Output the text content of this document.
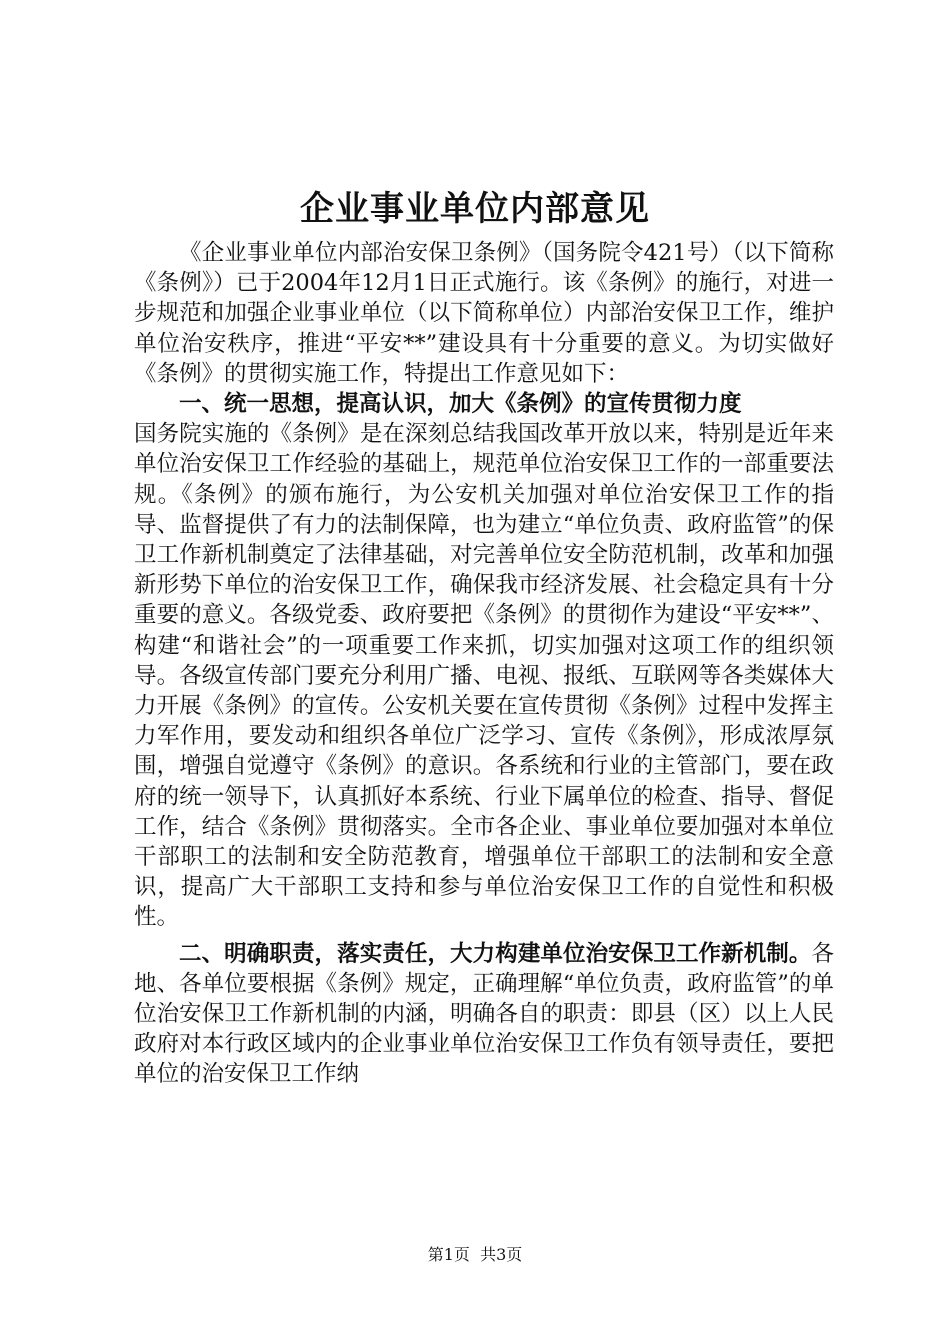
企业事业单位内部意见

《企业事业单位内部治安保卫条例》（国务院令421号）（以下简称《条例》）已于2004年12月1日正式施行。该《条例》的施行，对进一步规范和加强企业事业单位（以下简称单位）内部治安保卫工作，维护单位治安秩序，推进“平安**”建设具有十分重要的意义。为切实做好《条例》的贯彻实施工作，特提出工作意见如下：

一、统一思想，提高认识，加大《条例》的宣传贯彻力度

国务院实施的《条例》是在深刻总结我国改革开放以来，特别是近年来单位治安保卫工作经验的基础上，规范单位治安保卫工作的一部重要法规。《条例》的颁布施行，为公安机关加强对单位治安保卫工作的指导、监督提供了有力的法制保障，也为建立“单位负责、政府监管”的保卫工作新机制奠定了法律基础，对完善单位安全防范机制，改革和加强新形势下单位的治安保卫工作，确保我市经济发展、社会稳定具有十分重要的意义。各级党委、政府要把《条例》的贯彻作为建设“平安**”、构建“和谐社会”的一项重要工作来抓，切实加强对这项工作的组织领导。各级宣传部门要充分利用广播、电视、报纸、互联网等各类媒体大力开展《条例》的宣传。公安机关要在宣传贯彻《条例》过程中发挥主力军作用，要发动和组织各单位广泛学习、宣传《条例》，形成浓厚氛围，增强自觉遵守《条例》的意识。各系统和行业的主管部门，要在政府的统一领导下，认真抓好本系统、行业下属单位的检查、指导、督促工作，结合《条例》贯彻落实。全市各企业、事业单位要加强对本单位干部职工的法制和安全防范教育，增强单位干部职工的法制和安全意识，提高广大干部职工支持和参与单位治安保卫工作的自觉性和积极性。

二、明确职责，落实责任，大力构建单位治安保卫工作新机制。各地、各单位要根据《条例》规定，正确理解“单位负责，政府监管”的单位治安保卫工作新机制的内涵，明确各自的职责：即县（区）以上人民政府对本行政区域内的企业事业单位治安保卫工作负有领导责任，要把单位的治安保卫工作纳

第1页 共3页
